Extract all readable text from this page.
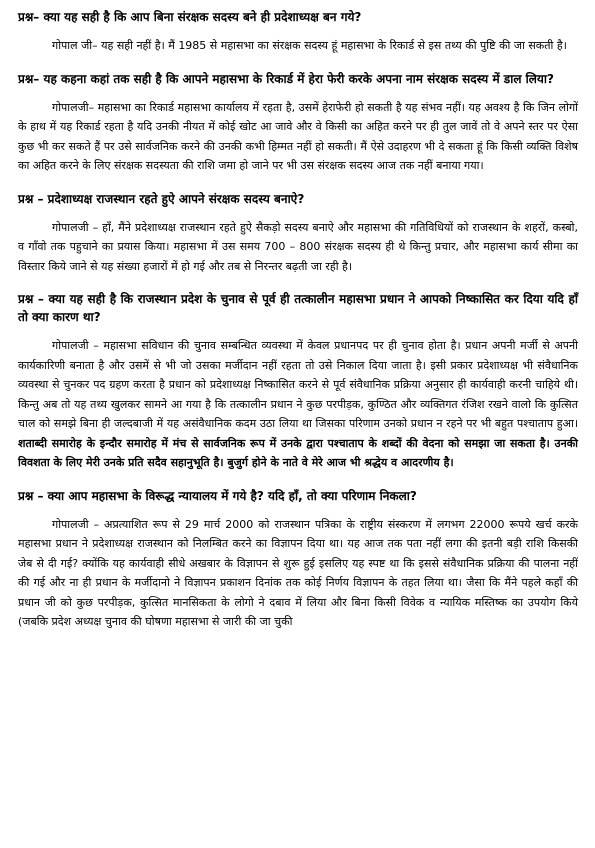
प्रश्न– क्या यह सही है कि आप बिना संरक्षक सदस्य बने ही प्रदेशाध्यक्ष बन गये?

गोपाल जी– यह सही नहीं है। मैं 1985 से महासभा का संरक्षक सदस्य हूं महासभा के रिकार्ड से इस तथ्य की पुष्टि की जा सकती है।

प्रश्न– यह कहना कहां तक सही है कि आपने महासभा के रिकार्ड में हेरा फेरी करके अपना नाम संरक्षक सदस्य में डाल लिया?

गोपालजी– महासभा का रिकार्ड महासभा कार्यालय में रहता है, उसमें हेराफेरी हो सकती है यह संभव नहीं। यह अवश्य है कि जिन लोगों के हाथ में यह रिकार्ड रहता है यदि उनकी नीयत में कोई खोट आ जावे और वे किसी का अहित करने पर ही तुल जावें तो वे अपने स्तर पर ऐसा कुछ भी कर सकते हैं पर उसे सार्वजनिक करने की उनकी कभी हिम्मत नहीं हो सकती। मैं ऐसे उदाहरण भी दे सकता हूं कि किसी व्यक्ति विशेष का अहित करने के लिए संरक्षक सदस्यता की राशि जमा हो जाने पर भी उस संरक्षक सदस्य आज तक नहीं बनाया गया।

प्रश्न – प्रदेशाध्यक्ष राजस्थान रहते हुऐ आपने संरक्षक सदस्य बनाऐ?

गोपालजी – हाँ, मैंने प्रदेशाध्यक्ष राजस्थान रहते हुऐ सैकड़ो सदस्य बनाऐ और महासभा की गतिविधियों को राजस्थान के शहरों, कस्बो, व गाँवो तक पहुचाने का प्रयास किया। महासभा में उस समय 700 – 800 संरक्षक सदस्य ही थे किन्तु प्रचार, और महासभा कार्य सीमा का विस्तार किये जाने से यह संख्या हजारों में हो गई और तब से निरन्तर बढ़ती जा रही है।

प्रश्न – क्या यह सही है कि राजस्थान प्रदेश के चुनाव से पूर्व ही तत्कालीन महासभा प्रधान ने आपको निष्कासित कर दिया यदि हाँ तो क्या कारण था?

गोपालजी – महासभा सविधान की चुनाव सम्बन्धित व्यवस्था में केवल प्रधानपद पर ही चुनाव होता है। प्रधान अपनी मर्जी से अपनी कार्यकारिणी बनाता है और उसमें से भी जो उसका मर्जीदान नहीं रहता तो उसे निकाल दिया जाता है। इसी प्रकार प्रदेशाध्यक्ष भी संवैधानिक व्यवस्था से चुनकर पद ग्रहण करता है प्रधान को प्रदेशाध्यक्ष निष्कासित करने से पूर्व संवैधानिक प्रक्रिया अनुसार ही कार्यवाही करनी चाहिये थी। किन्तु अब तो यह तथ्य खुलकर सामने आ गया है कि तत्कालीन प्रधान ने कुछ परपीड़क, कुण्ठित और व्यक्तिगत रंजिश रखने वालो कि कुत्सित चाल को समझे बिना ही जल्दबाजी में यह असंवैधानिक कदम उठा लिया था जिसका परिणाम उनको प्रधान न रहने पर भी बहुत पश्चाताप हुआ। शताब्दी समारोह के इन्दौर समारोह में मंच से सार्वजनिक रूप में उनके द्वारा पश्चाताप के शब्दों की वेदना को समझा जा सकता है। उनकी विवशता के लिए मेरी उनके प्रति सदैव सहानुभूति है। बुजुर्ग होने के नाते वे मेरे आज भी श्रद्धेय व आदरणीय है।

प्रश्न – क्या आप महासभा के विरूद्ध न्यायालय में गये है? यदि हाँ, तो क्या परिणाम निकला?

गोपालजी – अप्रत्याशित रूप से 29 मार्च 2000 को राजस्थान पत्रिका के राष्ट्रीय संस्करण में लगभग 22000 रूपये खर्च करके महासभा प्रधान ने प्रदेशाध्यक्ष राजस्थान को निलम्बित करने का विज्ञापन दिया था। यह आज तक पता नहीं लगा की इतनी बड़ी राशि किसकी जेब से दी गई? क्योंकि यह कार्यवाही सीधे अखबार के विज्ञापन से शुरू हुई इसलिए यह स्पष्ट था कि इससे संवैधानिक प्रक्रिया की पालना नहीं की गई और ना ही प्रधान के मर्जीदानो ने विज्ञापन प्रकाशन दिनांक तक कोई निर्णय विज्ञापन के तहत लिया था। जैसा कि मैंने पहले कहाँ की प्रधान जी को कुछ परपीड़क, कुत्सित मानसिकता के लोगो ने दबाव में लिया और बिना किसी विवेक व न्यायिक मस्तिष्क का उपयोग किये (जबकि प्रदेश अध्यक्ष चुनाव की घोषणा महासभा से जारी की जा चुकी
